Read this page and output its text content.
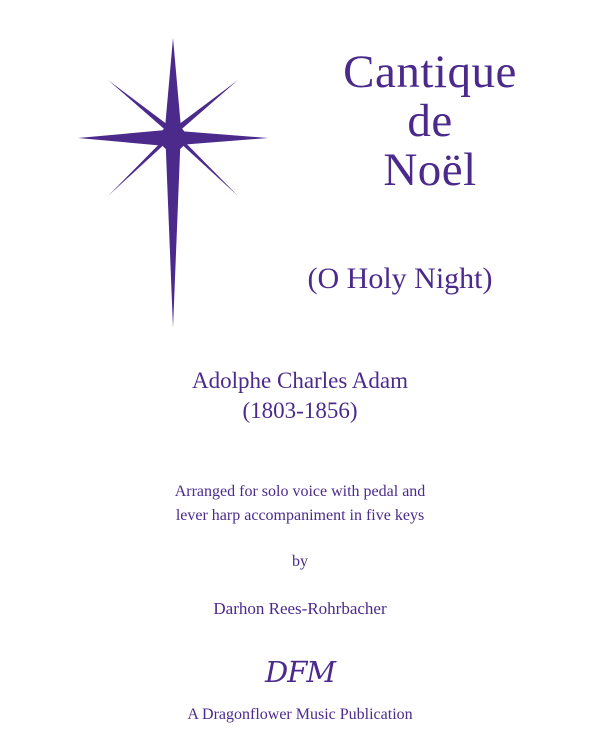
Cantique
de
Noël
(O Holy Night)
Adolphe Charles Adam
(1803-1856)
Arranged for solo voice with pedal and
lever harp accompaniment in five keys
by
Darhon Rees-Rohrbacher
DFM
A Dragonflower Music Publication
